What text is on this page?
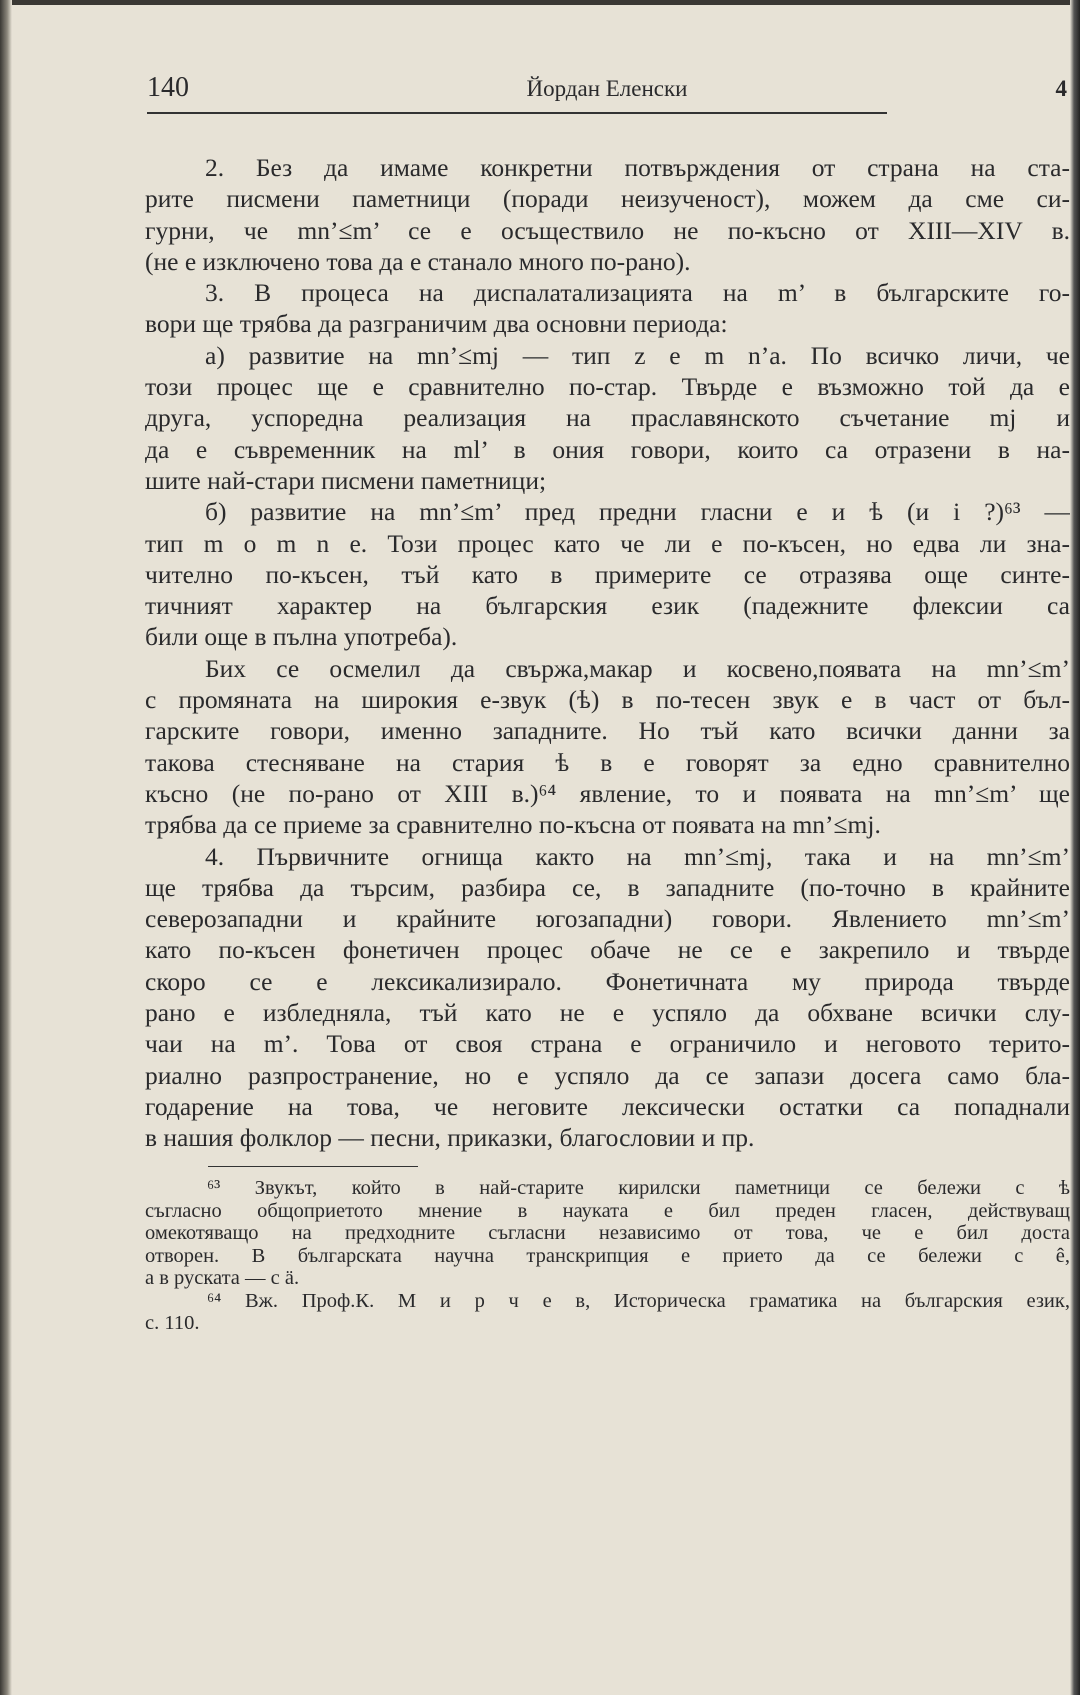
140	Йордан Еленски	4
2. Без да имаме конкретни потвърждения от страна на ста-
рите писмени паметници (поради неизученост), можем да сме си-
гурни, че mn’≤m’ се е осъществило не по-късно от XIII—XIV в.
(не е изключено това да е станало много по-рано).
3. В процеса на диспалатализацията на m’ в българските го-
вори ще трябва да разграничим два основни периода:
а) развитие на mn’≤mj — тип z e m n’a. По всичко личи, че
този процес ще е сравнително по-стар. Твърде е възможно той да е
друга, успоредна реализация на праславянското съчетание mj и
да е съвременник на ml’ в ония говори, които са отразени в на-
шите най-стари писмени паметници;
б) развитие на mn’≤m’ пред предни гласни e и ѣ (и i ?)⁶³ —
тип m o m n e. Този процес като че ли е по-късен, но едва ли зна-
чително по-късен, тъй като в примерите се отразява още синте-
тичният характер на българския език (падежните флексии са
били още в пълна употреба).
Бих се осмелил да свържа,макар и косвено,появата на mn’≤m’
с промяната на широкия e-звук (ѣ) в по-тесен звук e в част от бъл-
гарските говори, именно западните. Но тъй като всички данни за
такова стесняване на стария ѣ в e говорят за едно сравнително
късно (не по-рано от XIII в.)⁶⁴ явление, то и появата на mn’≤m’ ще
трябва да се приеме за сравнително по-късна от появата на mn’≤mj.
4. Първичните огнища както на mn’≤mj, така и на mn’≤m’
ще трябва да търсим, разбира се, в западните (по-точно в крайните
северозападни и крайните югозападни) говори. Явлението mn’≤m’
като по-късен фонетичен процес обаче не се е закрепило и твърде
скоро се е лексикализирало. Фонетичната му природа твърде
рано е избледняла, тъй като не е успяло да обхване всички слу-
чаи на m’. Това от своя страна е ограничило и неговото терито-
риално разпространение, но е успяло да се запази досега само бла-
годарение на това, че неговите лексически остатки са попаднали
в нашия фолклор — песни, приказки, благословии и пр.
⁶³ Звукът, който в най-старите кирилски паметници се бележи с ѣ
съгласно общоприетото мнение в науката е бил преден гласен, действуващ
омекотяващо на предходните съгласни независимо от това, че е бил доста
отворен. В българската научна транскрипция е прието да се бележи с ê,
а в руската — с ä.
⁶⁴ Вж. Проф.К. М и р ч е в, Историческа граматика на българския език,
с. 110.
